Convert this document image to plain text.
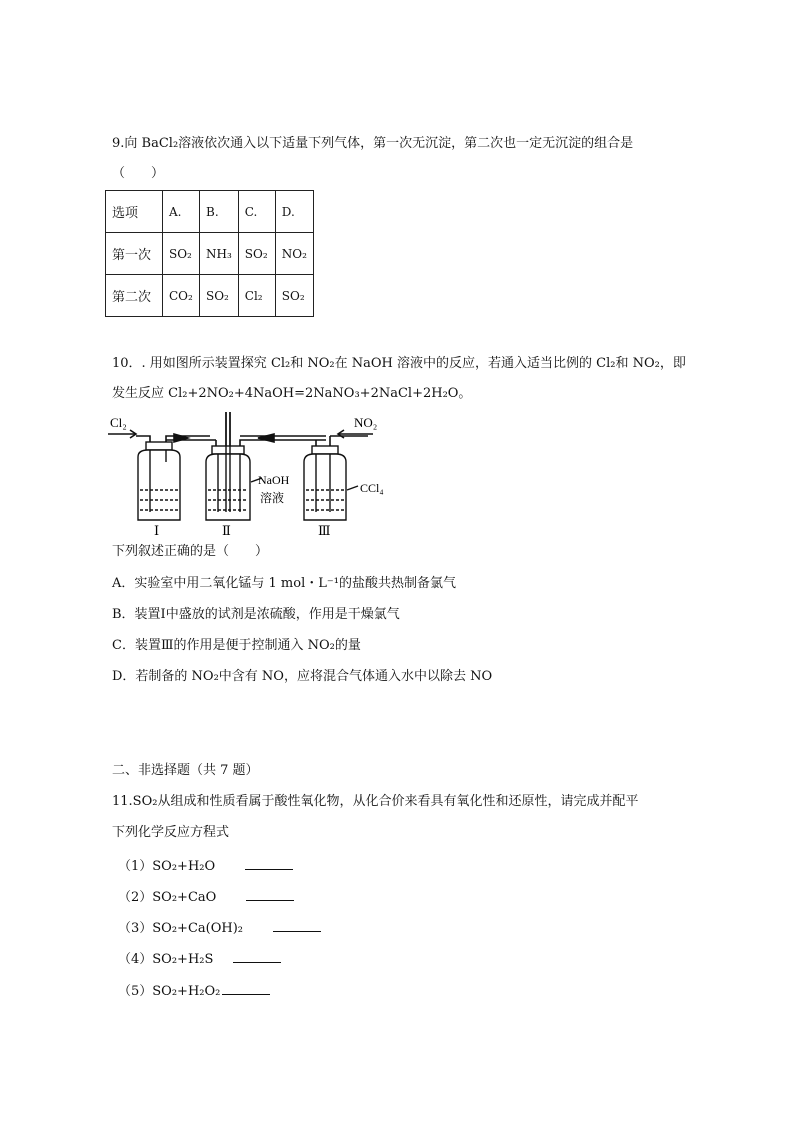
9.向 BaCl₂溶液依次通入以下适量下列气体，第一次无沉淀，第二次也一定无沉淀的组合是
（　　）
选项	A.	B.	C.	D.
第一次	SO₂	NH₃	SO₂	NO₂
第二次	CO₂	SO₂	Cl₂	SO₂
10．. 用如图所示装置探究 Cl₂和 NO₂在 NaOH 溶液中的反应，若通入适当比例的 Cl₂和 NO₂，即
发生反应 Cl₂+2NO₂+4NaOH=2NaNO₃+2NaCl+2H₂O。
Cl₂	NO₂
NaOH
溶液
CCl₄
Ⅰ	Ⅱ	Ⅲ
下列叙述正确的是（　　）
A．实验室中用二氧化锰与 1 mol・L⁻¹的盐酸共热制备氯气
B．装置Ⅰ中盛放的试剂是浓硫酸，作用是干燥氯气
C．装置Ⅲ的作用是便于控制通入 NO₂的量
D．若制备的 NO₂中含有 NO，应将混合气体通入水中以除去 NO
二、非选择题（共 7 题）
11.SO₂从组成和性质看属于酸性氧化物，从化合价来看具有氧化性和还原性，请完成并配平
下列化学反应方程式
（1）SO₂+H₂O
（2）SO₂+CaO
（3）SO₂+Ca(OH)₂
（4）SO₂+H₂S
（5）SO₂+H₂O₂
